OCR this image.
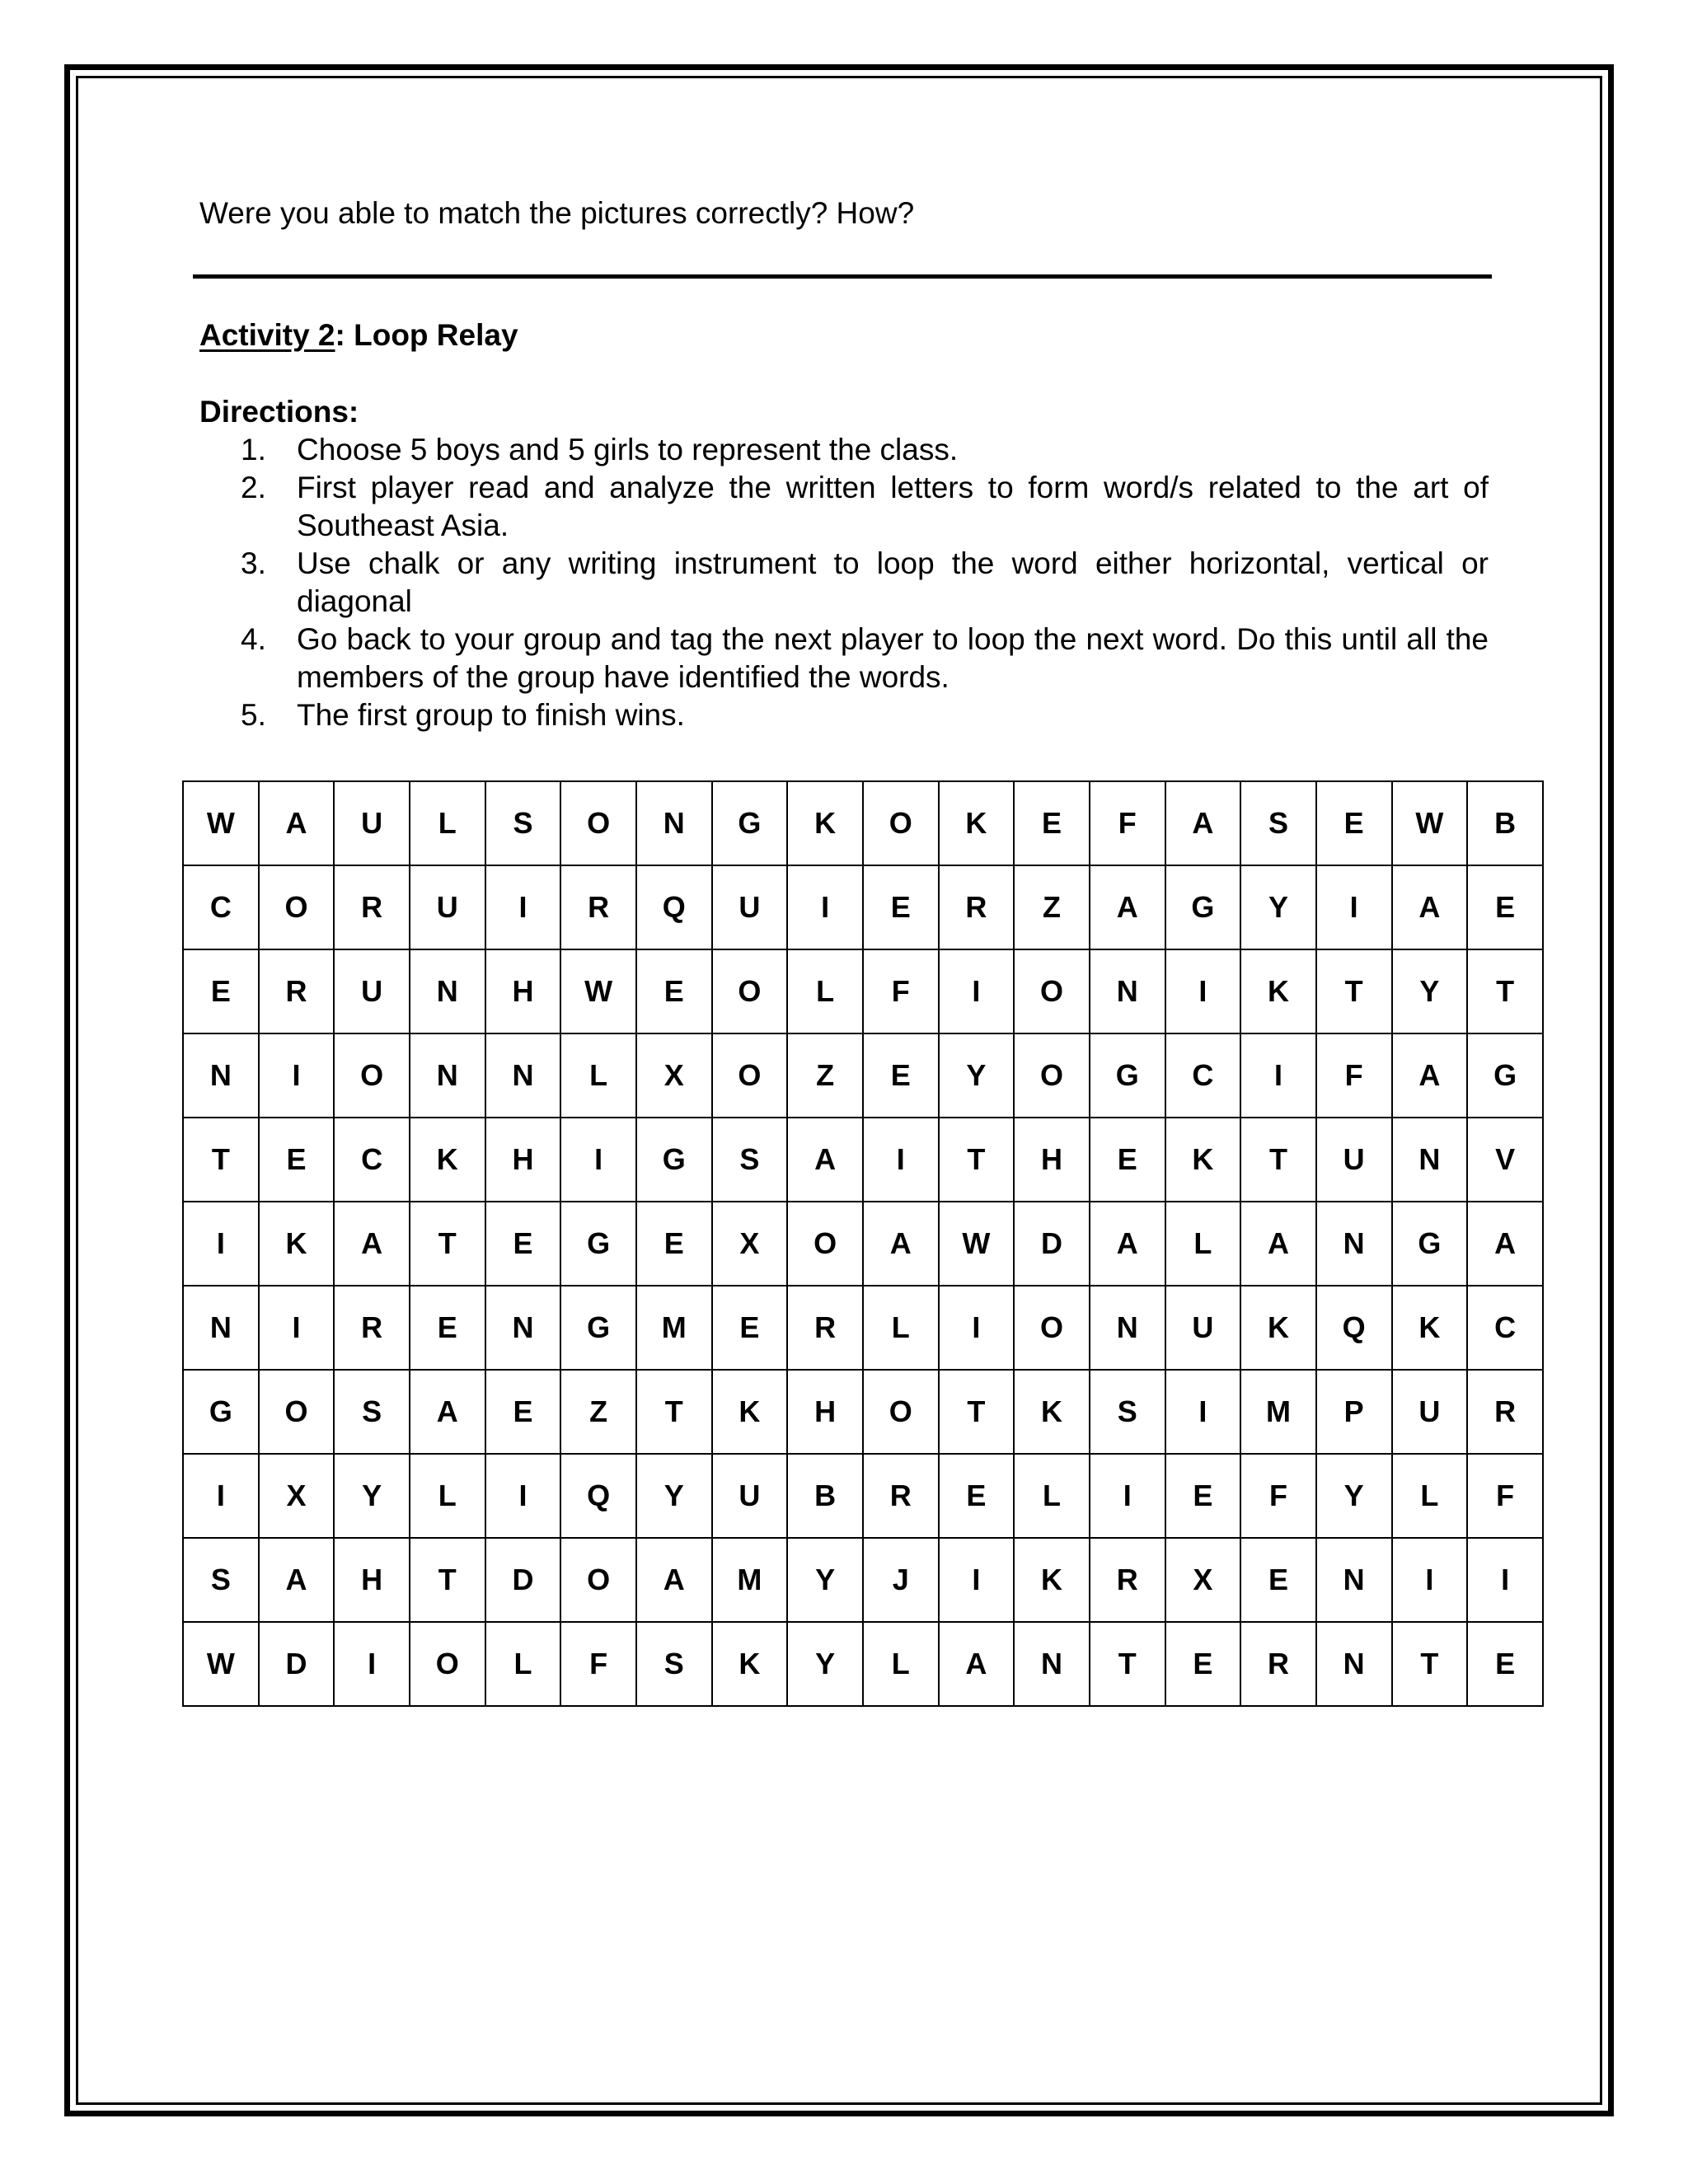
Were you able to match the pictures correctly? How?
Activity 2: Loop Relay
Directions:
1.	Choose 5 boys and 5 girls to represent the class.
2.	First player read and analyze the written letters to form word/s related to the art of Southeast Asia.
3.	Use chalk or any writing instrument to loop the word either horizontal, vertical or diagonal
4.	Go back to your group and tag the next player to loop the next word. Do this until all the members of the group have identified the words.
5.	The first group to finish wins.
W	A	U	L	S	O	N	G	K	O	K	E	F	A	S	E	W	B
C	O	R	U	I	R	Q	U	I	E	R	Z	A	G	Y	I	A	E
E	R	U	N	H	W	E	O	L	F	I	O	N	I	K	T	Y	T
N	I	O	N	N	L	X	O	Z	E	Y	O	G	C	I	F	A	G
T	E	C	K	H	I	G	S	A	I	T	H	E	K	T	U	N	V
I	K	A	T	E	G	E	X	O	A	W	D	A	L	A	N	G	A
N	I	R	E	N	G	M	E	R	L	I	O	N	U	K	Q	K	C
G	O	S	A	E	Z	T	K	H	O	T	K	S	I	M	P	U	R
I	X	Y	L	I	Q	Y	U	B	R	E	L	I	E	F	Y	L	F
S	A	H	T	D	O	A	M	Y	J	I	K	R	X	E	N	I	I
W	D	I	O	L	F	S	K	Y	L	A	N	T	E	R	N	T	E
